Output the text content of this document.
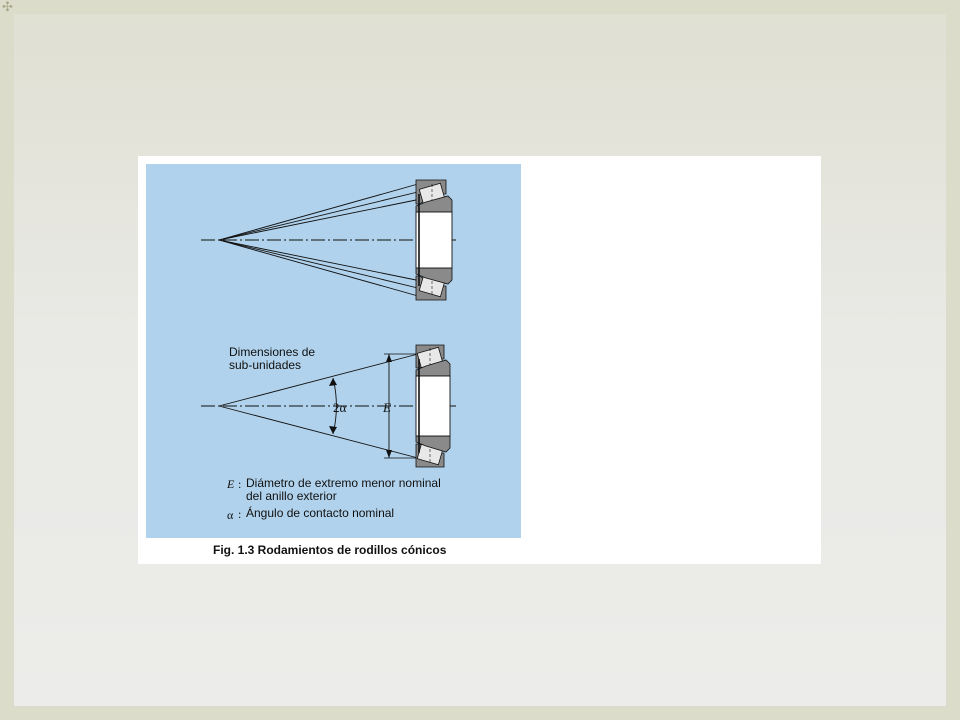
✣
Dimensiones de
sub-unidades
2α	E
E : Diámetro de extremo menor nominal
del anillo exterior
α : Ángulo de contacto nominal
Fig. 1.3 Rodamientos de rodillos cónicos
